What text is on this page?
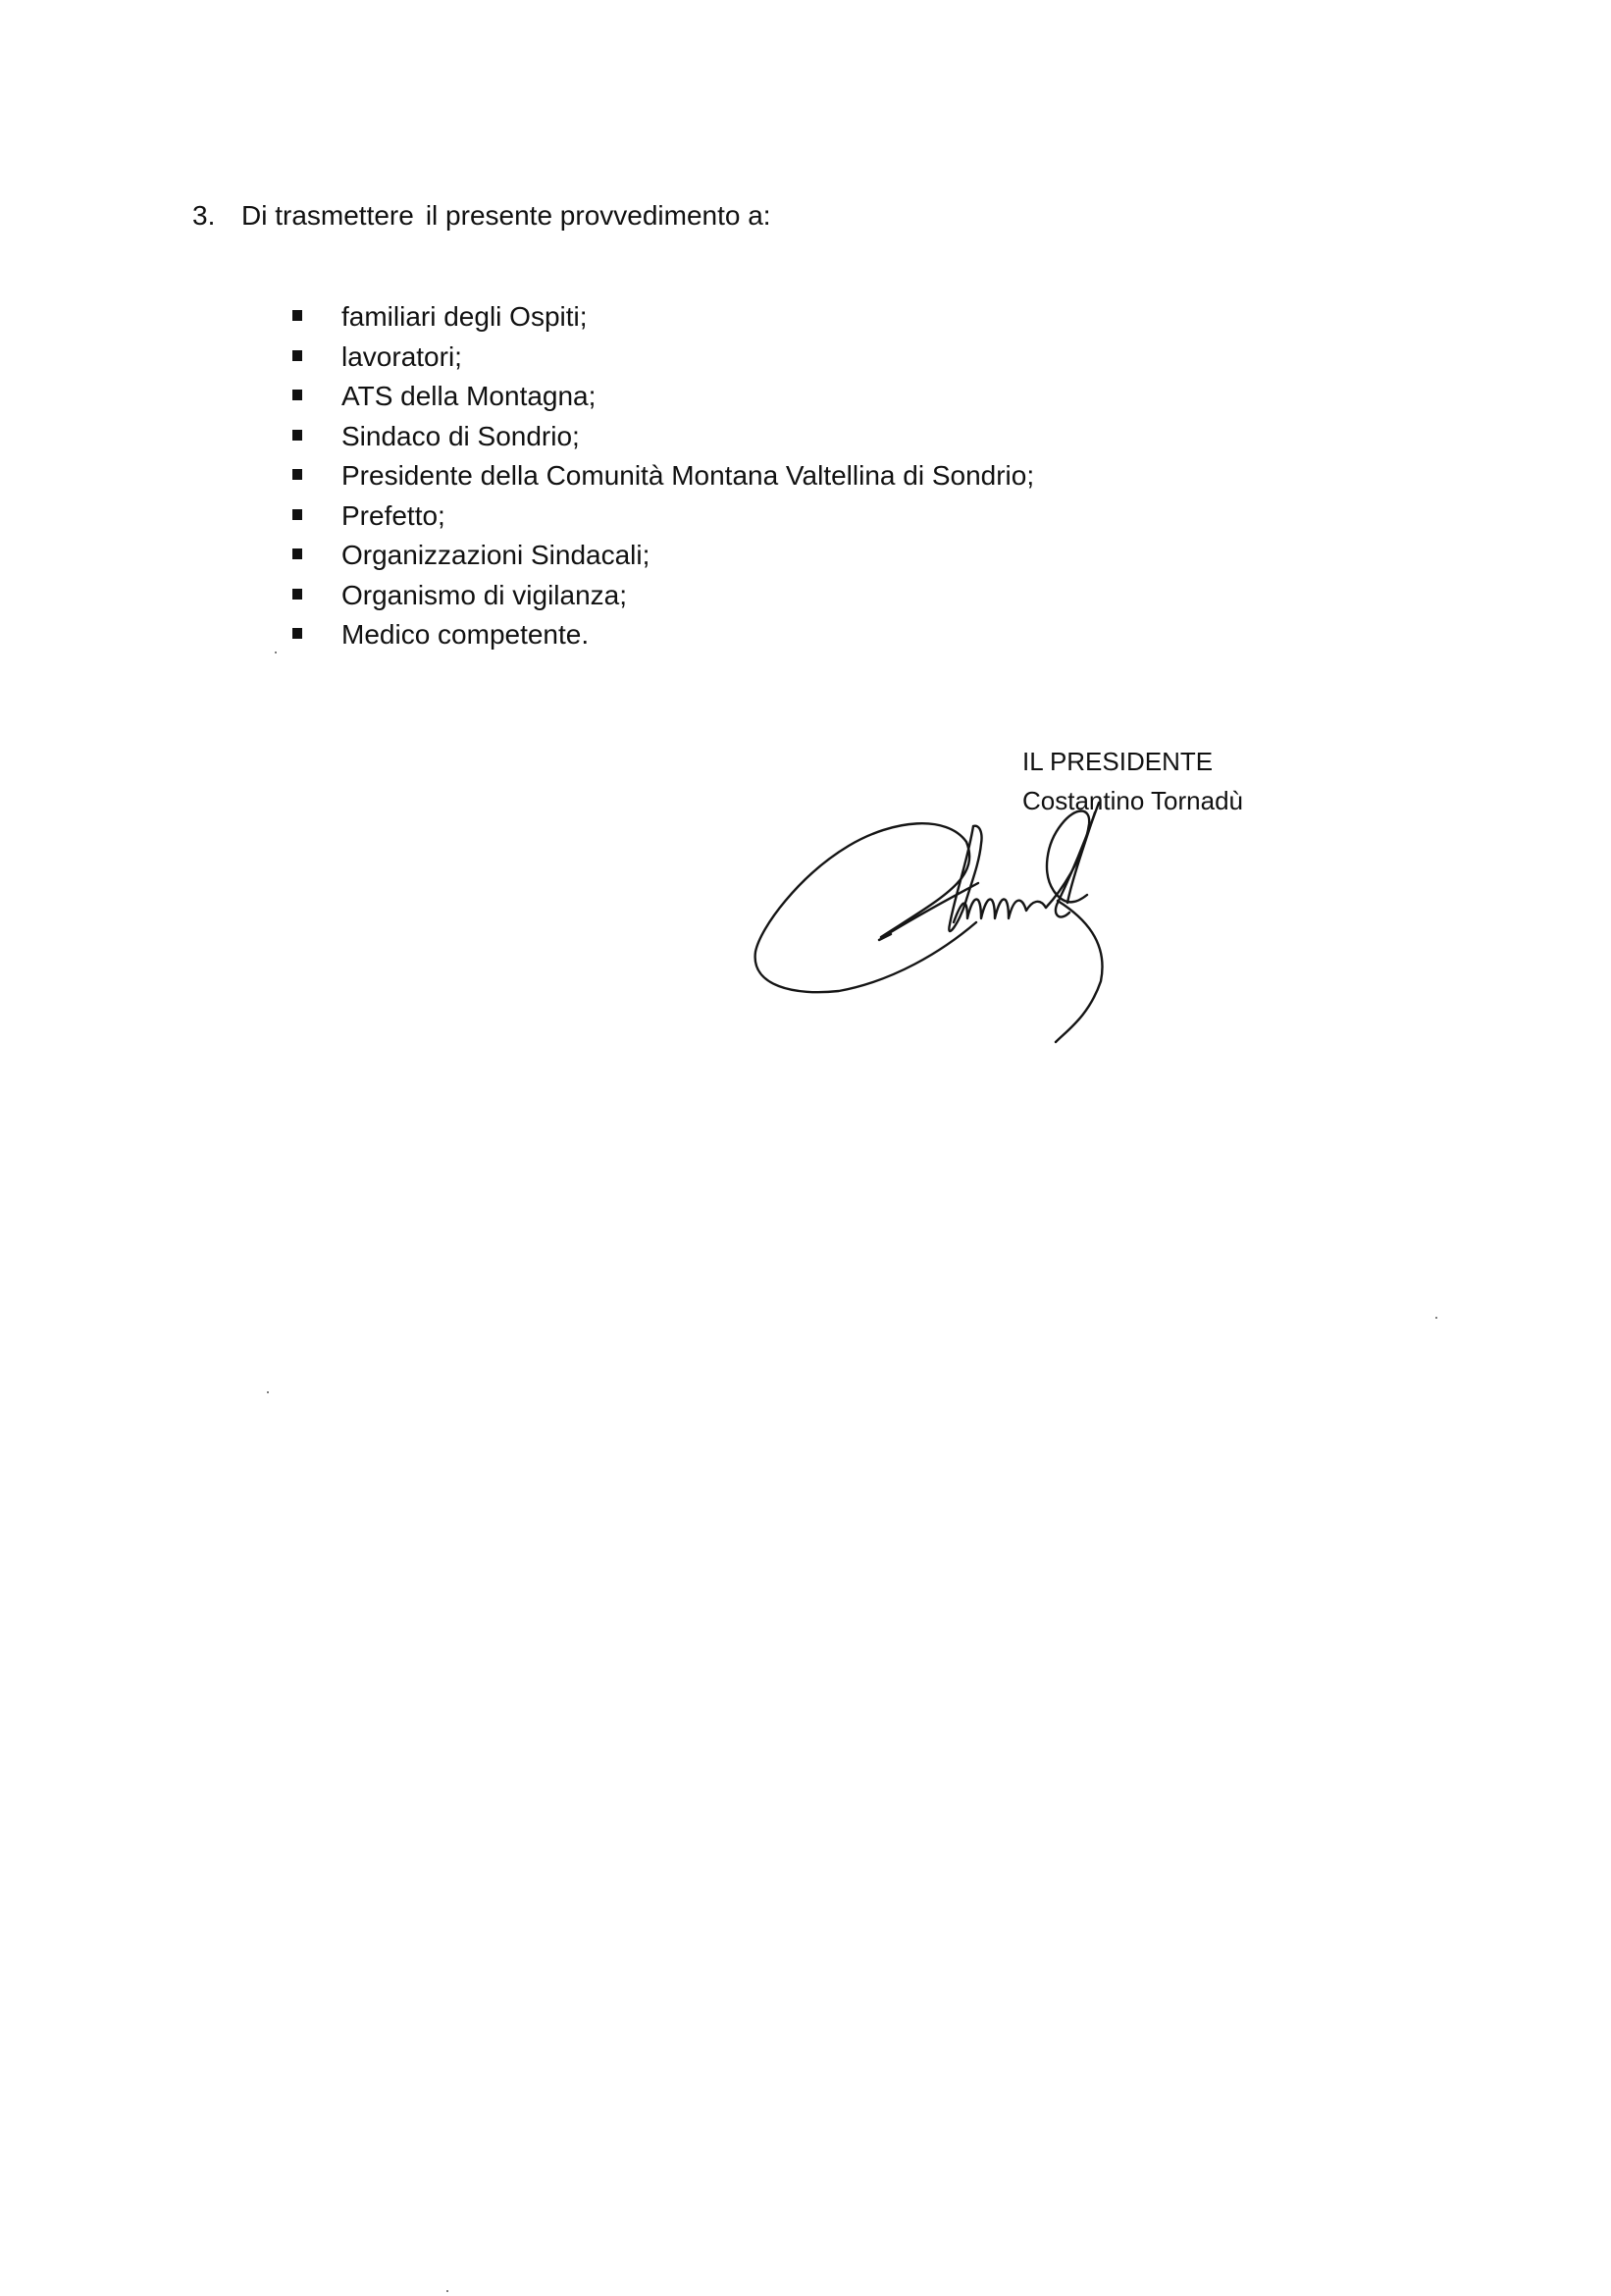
3. Di trasmettere il presente provvedimento a:
familiari degli Ospiti;
lavoratori;
ATS della Montagna;
Sindaco di Sondrio;
Presidente della Comunità Montana Valtellina di Sondrio;
Prefetto;
Organizzazioni Sindacali;
Organismo di vigilanza;
Medico competente.
IL PRESIDENTE
Costantino Tornadù
